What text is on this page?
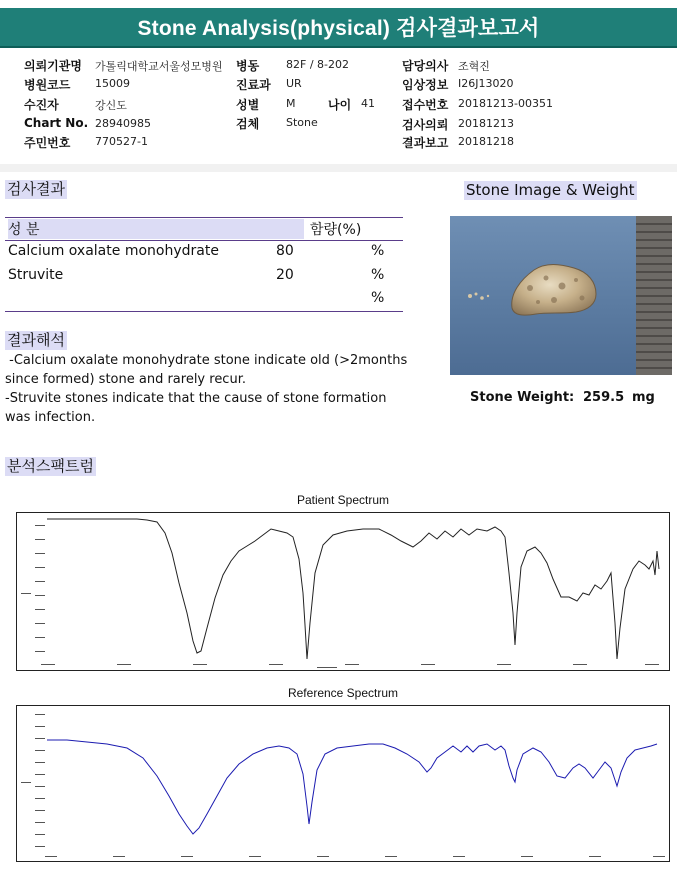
Stone Analysis(physical) 검사결과보고서
의뢰기관명 가톨릭대학교서울성모병원 병동 82F / 8-202	담당의사 조혁진
병원코드 15009	진료과 UR	임상정보 I26J13020
수진자	강신도	성별 M	나이 41 접수번호 20181213-00351
Chart No. 28940985	검체 Stone	검사의뢰 20181213
주민번호 770527-1	결과보고 20181218
검사결과
성 분	함량(%)
Calcium oxalate monohydrate	80	%
Struvite	20	%
%
Stone Image & Weight
Stone Weight: 259.5 mg
결과해석
-Calcium oxalate monohydrate stone indicate old (>2months
since formed) stone and rarely recur.
-Struvite stones indicate that the cause of stone formation
was infection.
분석스팩트럼
Patient Spectrum
Reference Spectrum
